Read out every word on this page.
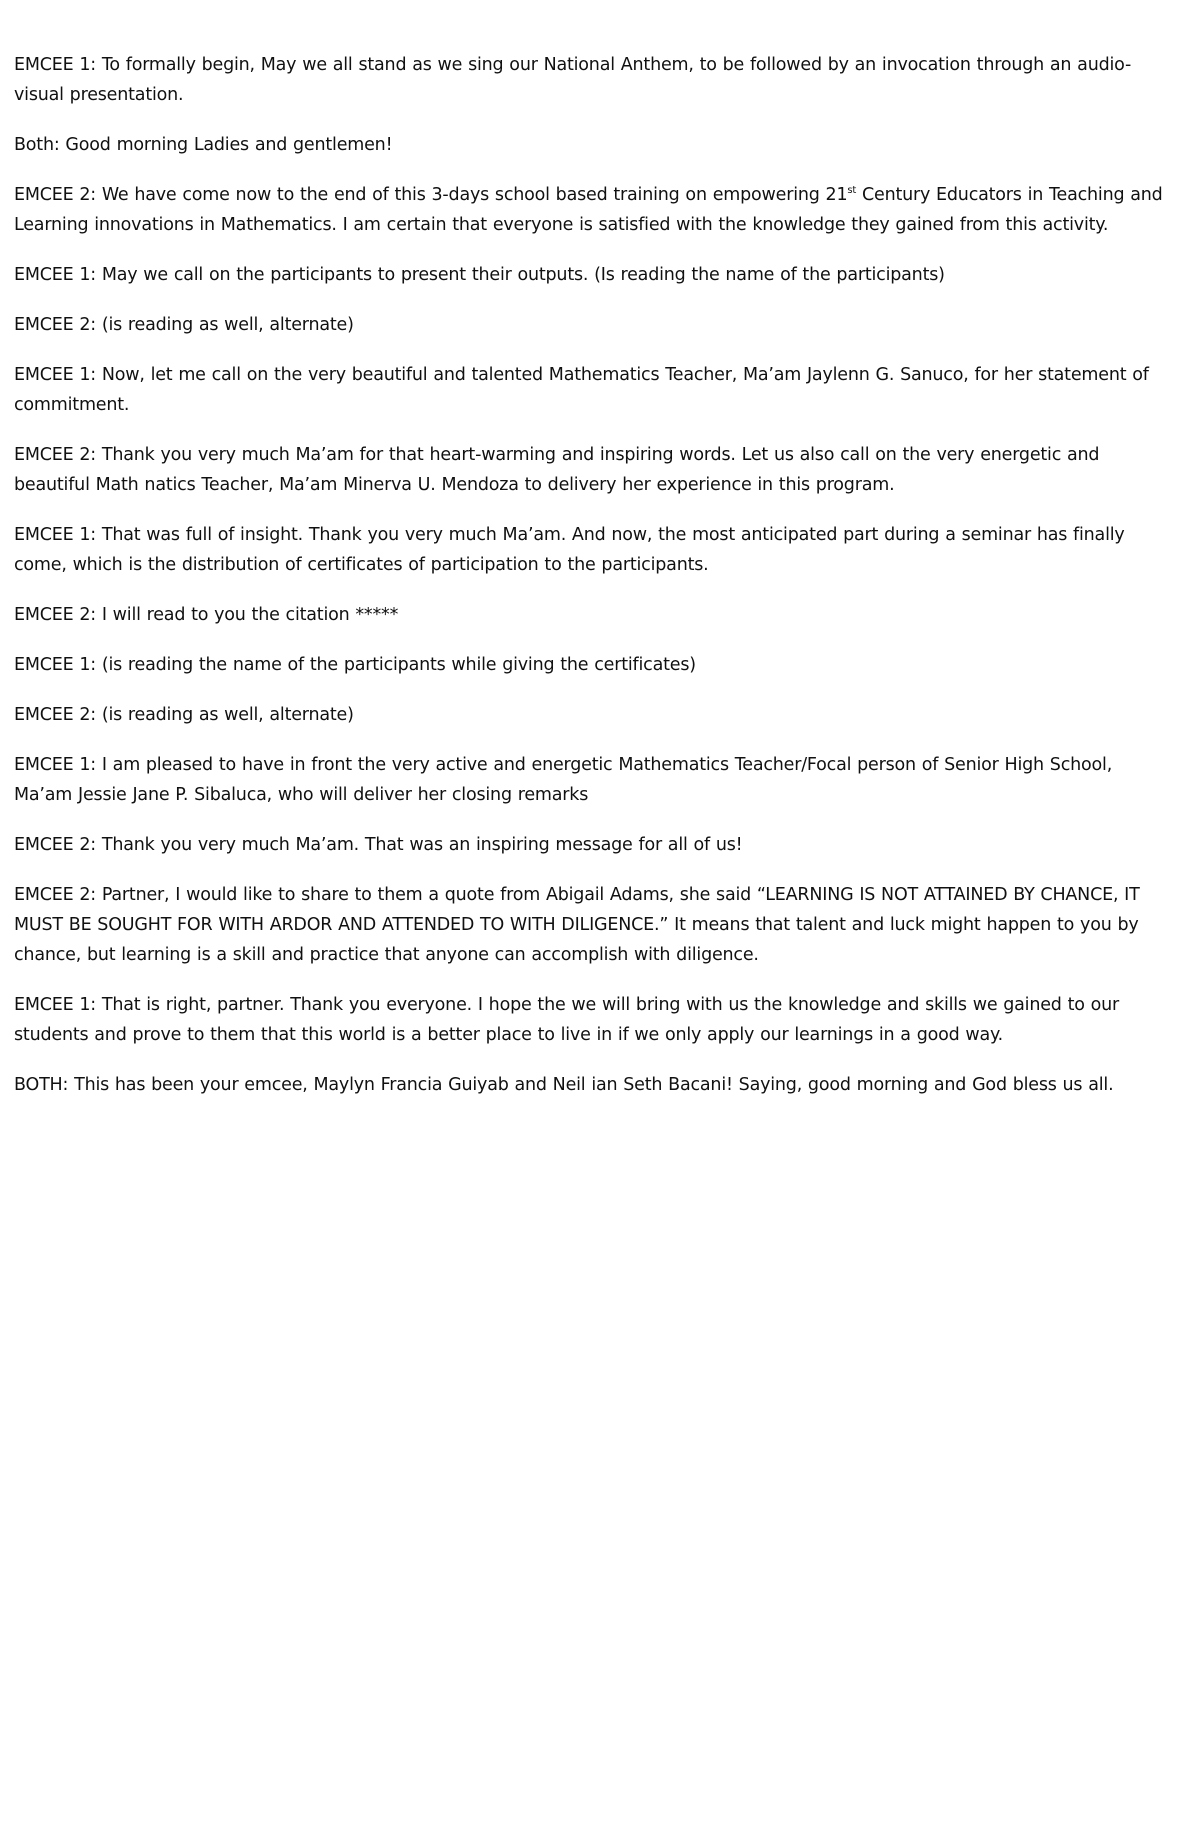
EMCEE 1: To formally begin, May we all stand as we sing our National Anthem, to be followed by an invocation through an audio-visual presentation.

Both: Good morning Ladies and gentlemen!

EMCEE 2: We have come now to the end of this 3-days school based training on empowering 21st Century Educators in Teaching and Learning innovations in Mathematics. I am certain that everyone is satisfied with the knowledge they gained from this activity.

EMCEE 1: May we call on the participants to present their outputs. (Is reading the name of the participants)

EMCEE 2: (is reading as well, alternate)

EMCEE 1: Now, let me call on the very beautiful and talented Mathematics Teacher, Ma’am Jaylenn G. Sanuco, for her statement of commitment.

EMCEE 2: Thank you very much Ma’am for that heart-warming and inspiring words. Let us also call on the very energetic and beautiful Math natics Teacher, Ma’am Minerva U. Mendoza to delivery her experience in this program.

EMCEE 1: That was full of insight. Thank you very much Ma’am. And now, the most anticipated part during a seminar has finally come, which is the distribution of certificates of participation to the participants.

EMCEE 2: I will read to you the citation *****

EMCEE 1: (is reading the name of the participants while giving the certificates)

EMCEE 2: (is reading as well, alternate)

EMCEE 1: I am pleased to have in front the very active and energetic Mathematics Teacher/Focal person of Senior High School, Ma’am Jessie Jane P. Sibaluca, who will deliver her closing remarks

EMCEE 2: Thank you very much Ma’am. That was an inspiring message for all of us!

EMCEE 2: Partner, I would like to share to them a quote from Abigail Adams, she said “LEARNING IS NOT ATTAINED BY CHANCE, IT MUST BE SOUGHT FOR WITH ARDOR AND ATTENDED TO WITH DILIGENCE.” It means that talent and luck might happen to you by chance, but learning is a skill and practice that anyone can accomplish with diligence.

EMCEE 1: That is right, partner. Thank you everyone. I hope the we will bring with us the knowledge and skills we gained to our students and prove to them that this world is a better place to live in if we only apply our learnings in a good way.

BOTH: This has been your emcee, Maylyn Francia Guiyab and Neil ian Seth Bacani! Saying, good morning and God bless us all.
